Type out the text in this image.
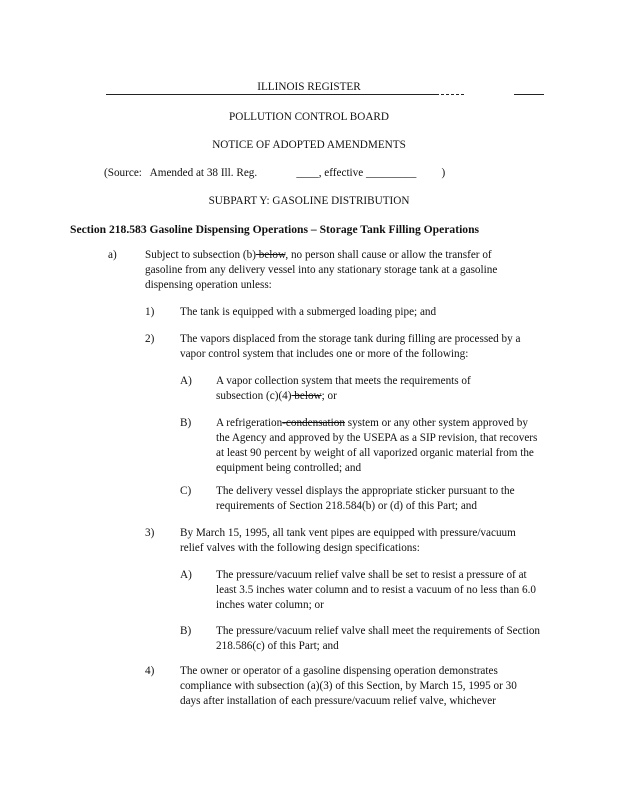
ILLINOIS REGISTER
POLLUTION CONTROL BOARD
NOTICE OF ADOPTED AMENDMENTS
(Source:   Amended at 38 Ill. Reg.              ____, effective _________         )
SUBPART Y: GASOLINE DISTRIBUTION
Section 218.583 Gasoline Dispensing Operations – Storage Tank Filling Operations
a)	Subject to subsection (b) below, no person shall cause or allow the transfer of gasoline from any delivery vessel into any stationary storage tank at a gasoline dispensing operation unless:
1) The tank is equipped with a submerged loading pipe; and
2) The vapors displaced from the storage tank during filling are processed by a vapor control system that includes one or more of the following:
A) A vapor collection system that meets the requirements of subsection (c)(4) below; or
B) A refrigeration-condensation system or any other system approved by the Agency and approved by the USEPA as a SIP revision, that recovers at least 90 percent by weight of all vaporized organic material from the equipment being controlled; and
C) The delivery vessel displays the appropriate sticker pursuant to the requirements of Section 218.584(b) or (d) of this Part; and
3) By March 15, 1995, all tank vent pipes are equipped with pressure/vacuum relief valves with the following design specifications:
A) The pressure/vacuum relief valve shall be set to resist a pressure of at least 3.5 inches water column and to resist a vacuum of no less than 6.0 inches water column; or
B) The pressure/vacuum relief valve shall meet the requirements of Section 218.586(c) of this Part; and
4) The owner or operator of a gasoline dispensing operation demonstrates compliance with subsection (a)(3) of this Section, by March 15, 1995 or 30 days after installation of each pressure/vacuum relief valve, whichever
